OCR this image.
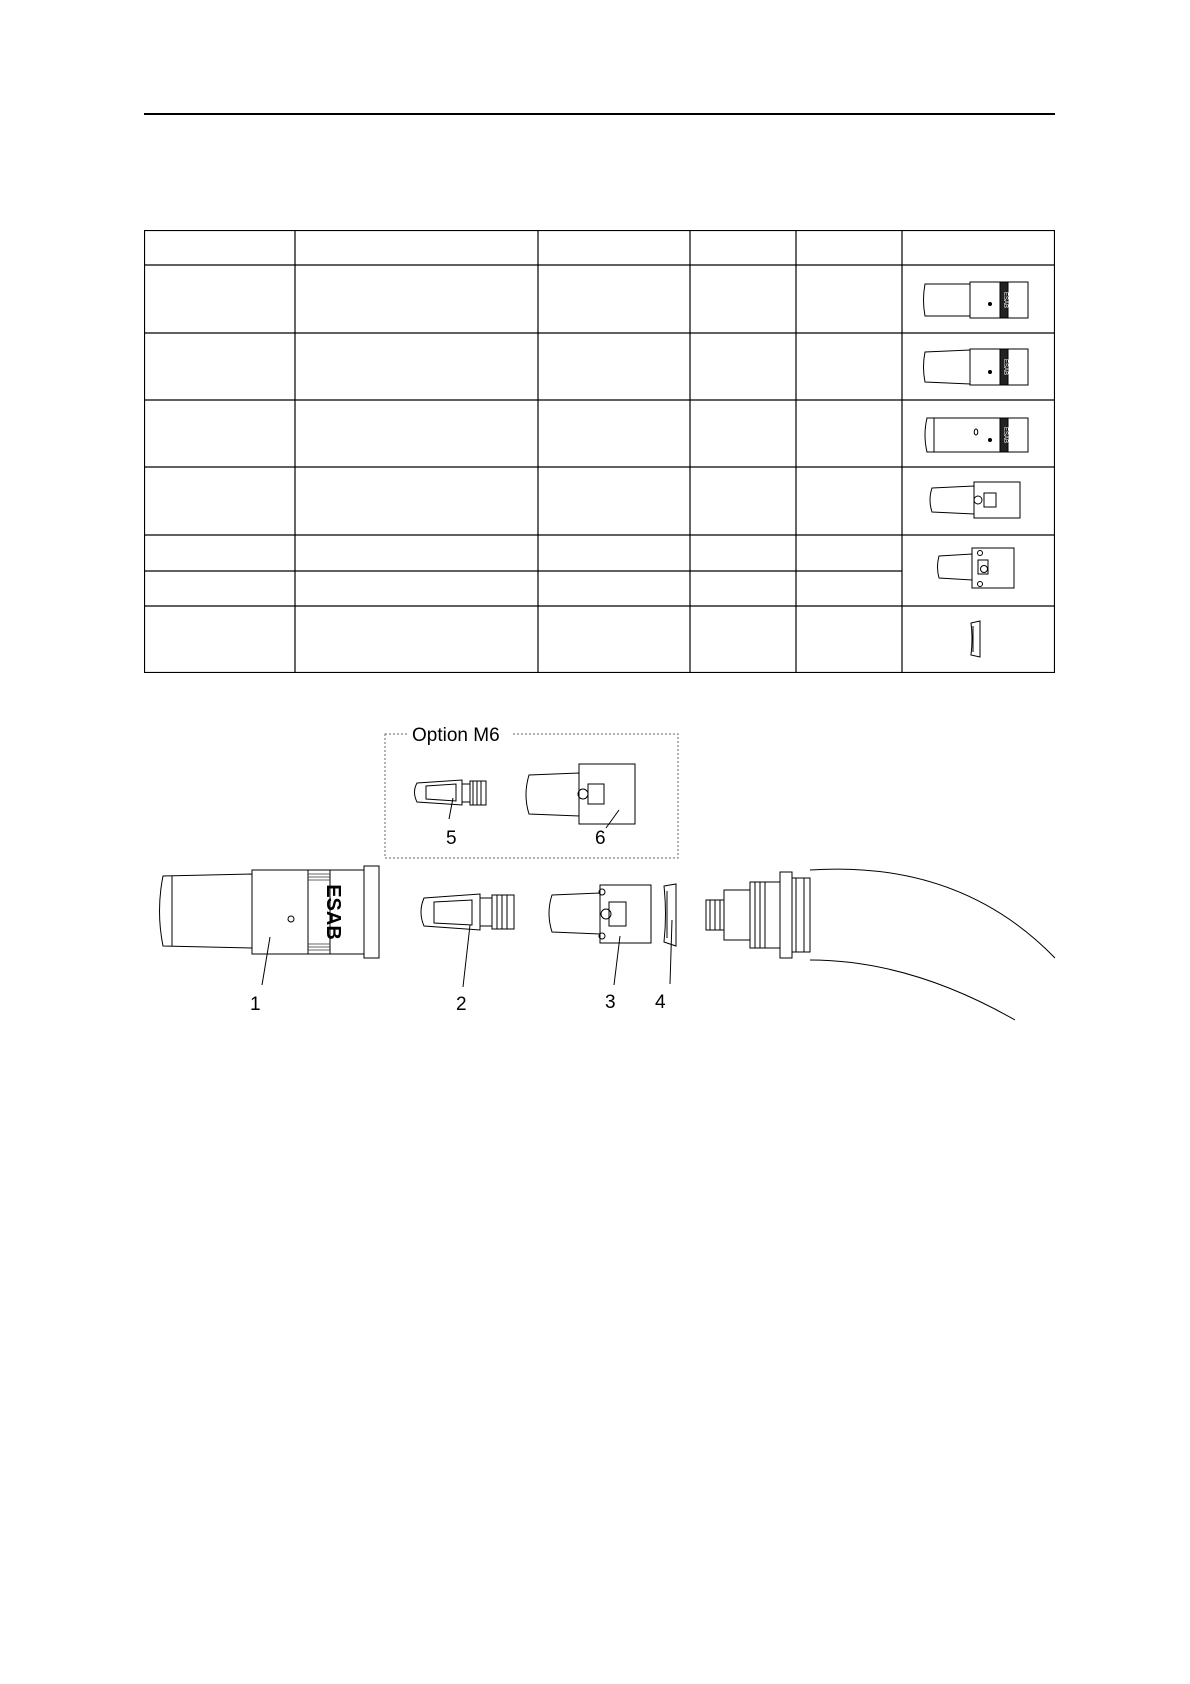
ESAB
ESAB
ESAB
Option M6
5	6
ESAB
1	2	3 4
